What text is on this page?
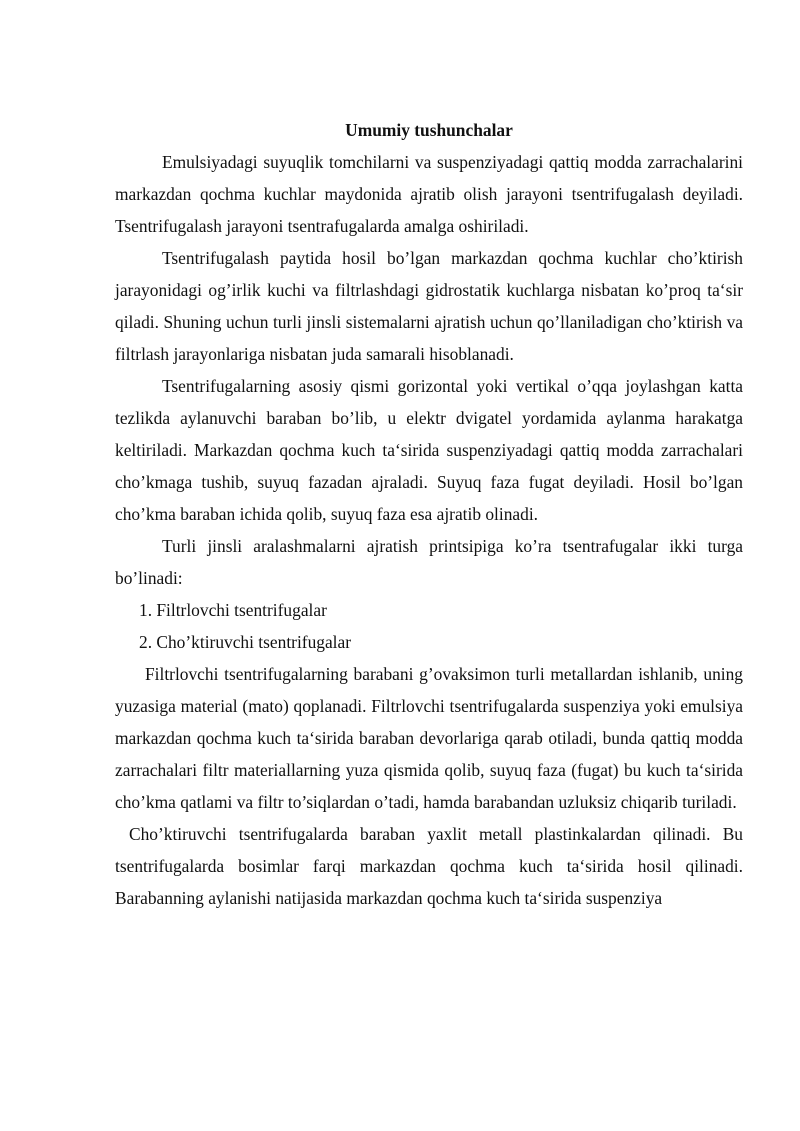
Umumiy tushunchalar

Emulsiyadagi suyuqlik tomchilarni va suspenziyadagi qattiq modda zarrachalarini markazdan qochma kuchlar maydonida ajratib olish jarayoni tsentrifugalash deyiladi. Tsentrifugalash jarayoni tsentrafugalarda amalga oshiriladi.

Tsentrifugalash paytida hosil bo’lgan markazdan qochma kuchlar cho’ktirish jarayonidagi og’irlik kuchi va filtrlashdagi gidrostatik kuchlarga nisbatan ko’proq ta‘sir qiladi. Shuning uchun turli jinsli sistemalarni ajratish uchun qo’llaniladigan cho’ktirish va filtrlash jarayonlariga nisbatan juda samarali hisoblanadi.

Tsentrifugalarning asosiy qismi gorizontal yoki vertikal o’qqa joylashgan katta tezlikda aylanuvchi baraban bo’lib, u elektr dvigatel yordamida aylanma harakatga keltiriladi. Markazdan qochma kuch ta‘sirida suspenziyadagi qattiq modda zarrachalari cho’kmaga tushib, suyuq fazadan ajraladi. Suyuq faza fugat deyiladi. Hosil bo’lgan cho’kma baraban ichida qolib, suyuq faza esa ajratib olinadi.

Turli jinsli aralashmalarni ajratish printsipiga ko’ra tsentrafugalar ikki turga bo’linadi:

1. Filtrlovchi tsentrifugalar
2. Cho’ktiruvchi tsentrifugalar

Filtrlovchi tsentrifugalarning barabani g’ovaksimon turli metallardan ishlanib, uning yuzasiga material (mato) qoplanadi. Filtrlovchi tsentrifugalarda suspenziya yoki emulsiya markazdan qochma kuch ta‘sirida baraban devorlariga qarab otiladi, bunda qattiq modda zarrachalari filtr materiallarning yuza qismida qolib, suyuq faza (fugat) bu kuch ta‘sirida cho’kma qatlami va filtr to’siqlardan o’tadi, hamda barabandan uzluksiz chiqarib turiladi.

Cho’ktiruvchi tsentrifugalarda baraban yaxlit metall plastinkalardan qilinadi. Bu tsentrifugalarda bosimlar farqi markazdan qochma kuch ta‘sirida hosil qilinadi. Barabanning aylanishi natijasida markazdan qochma kuch ta‘sirida suspenziya
